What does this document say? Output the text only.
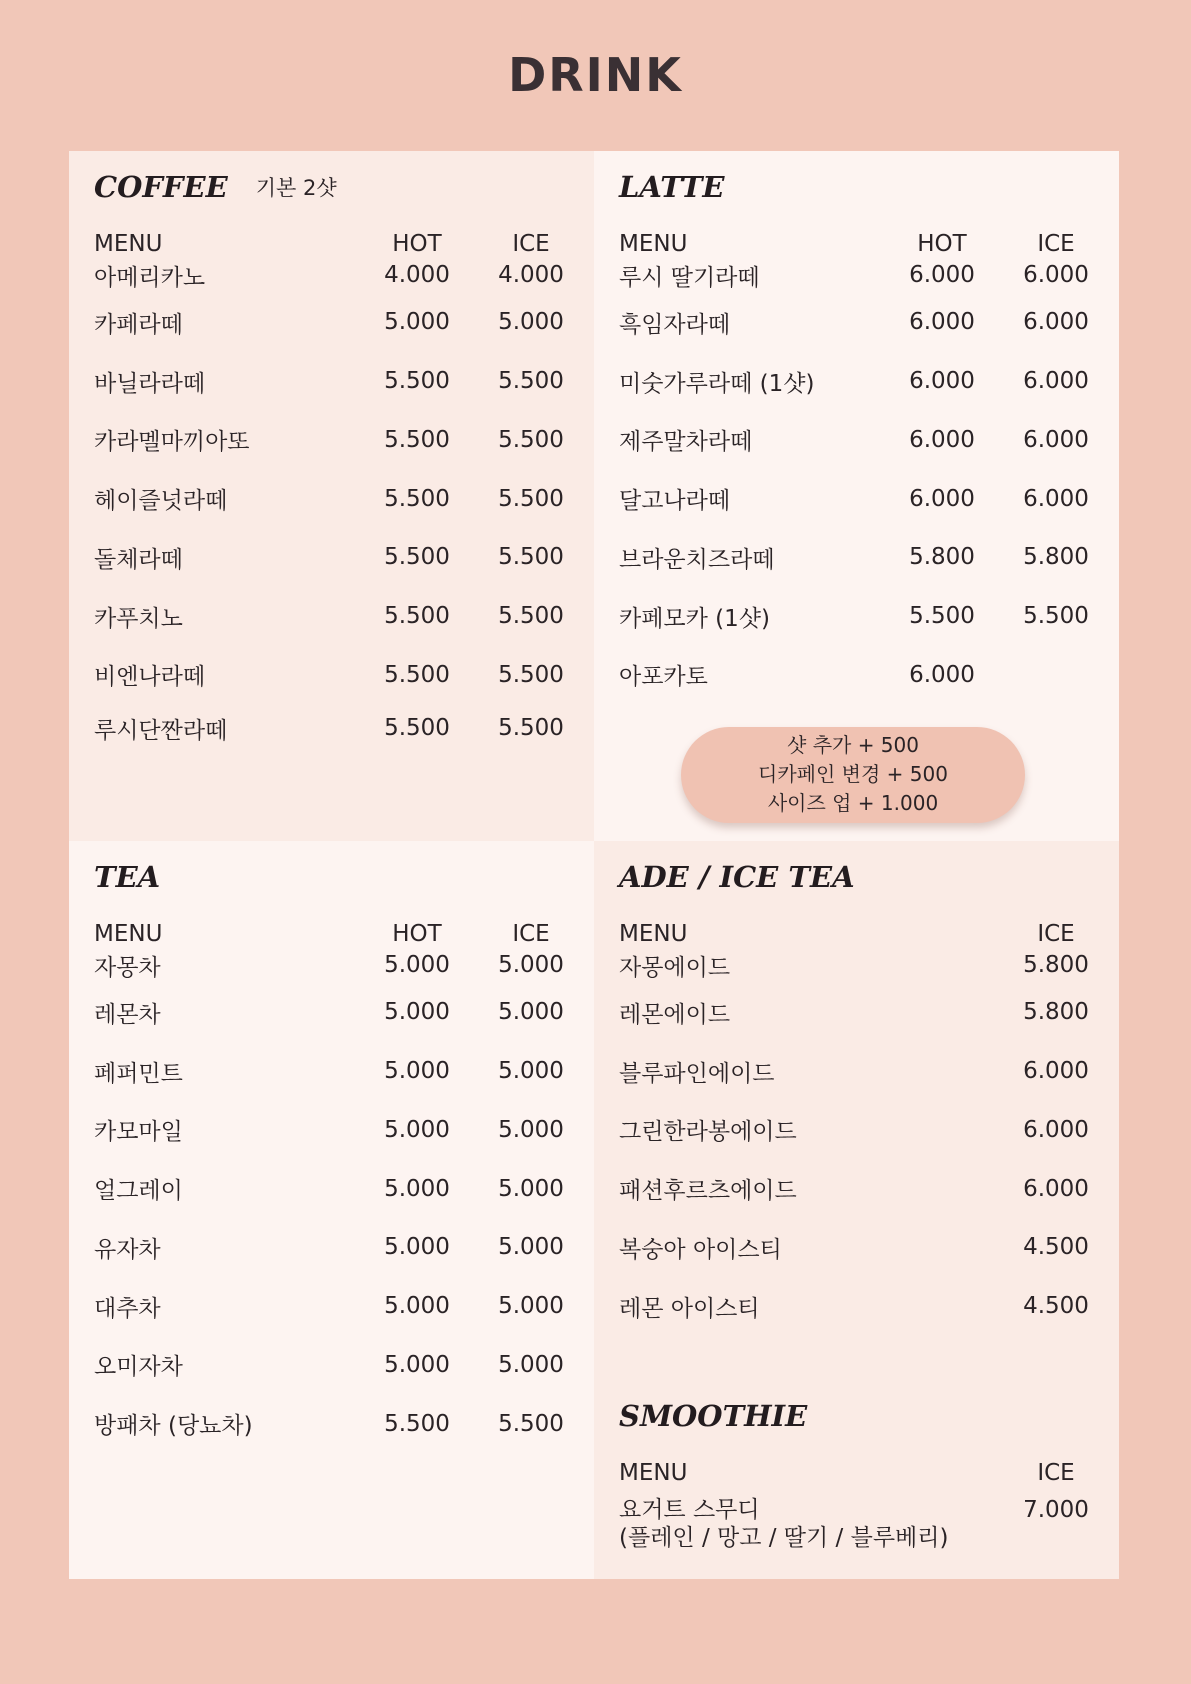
DRINK
COFFEE 기본 2샷
MENU	HOT	ICE
아메리카노	4.000	4.000
카페라떼	5.000	5.000
바닐라라떼	5.500	5.500
카라멜마끼아또	5.500	5.500
헤이즐넛라떼	5.500	5.500
돌체라떼	5.500	5.500
카푸치노	5.500	5.500
비엔나라떼	5.500	5.500
루시단짠라떼	5.500	5.500
LATTE
MENU	HOT	ICE
루시 딸기라떼	6.000	6.000
흑임자라떼	6.000	6.000
미숫가루라떼 (1샷)	6.000	6.000
제주말차라떼	6.000	6.000
달고나라떼	6.000	6.000
브라운치즈라떼	5.800	5.800
카페모카 (1샷)	5.500	5.500
아포카토	6.000
TEA
MENU	HOT	ICE
자몽차	5.000	5.000
레몬차	5.000	5.000
페퍼민트	5.000	5.000
카모마일	5.000	5.000
얼그레이	5.000	5.000
유자차	5.000	5.000
대추차	5.000	5.000
오미자차	5.000	5.000
방패차 (당뇨차)	5.500	5.500
ADE / ICE TEA
MENU	ICE
자몽에이드	5.800
레몬에이드	5.800
블루파인에이드	6.000
그린한라봉에이드	6.000
패션후르츠에이드	6.000
복숭아 아이스티	4.500
레몬 아이스티	4.500
SMOOTHIE
MENU	ICE
요거트 스무디
(플레인 / 망고 / 딸기 / 블루베리)
7.000
샷 추가 + 500
디카페인 변경 + 500
사이즈 업 + 1.000
